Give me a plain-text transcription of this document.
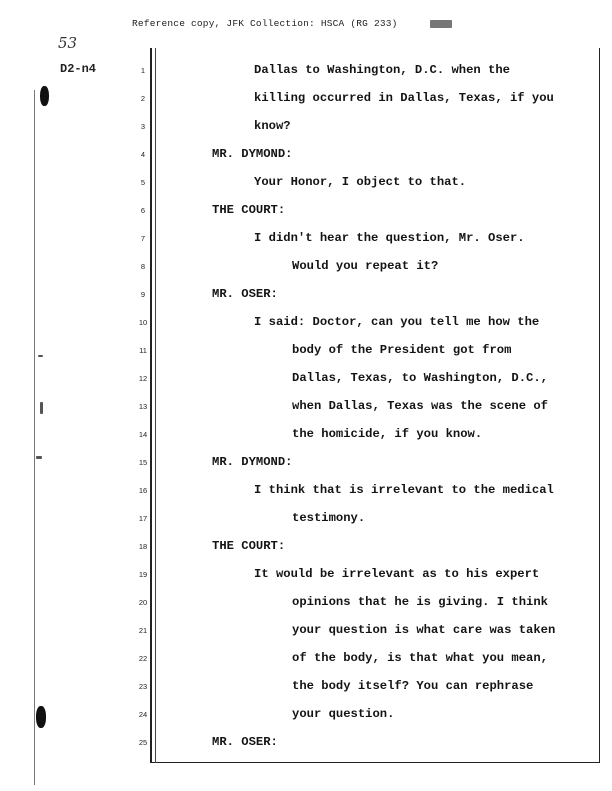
Reference copy, JFK Collection: HSCA (RG 233)
53
D2-n4	1	Dallas to Washington, D.C. when the
2	killing occurred in Dallas, Texas, if you
3	know?
4	MR. DYMOND:
5	Your Honor, I object to that.
6	THE COURT:
7	I didn't hear the question, Mr. Oser.
8	Would you repeat it?
9	MR. OSER:
10	I said: Doctor, can you tell me how the
11	body of the President got from
12	Dallas, Texas, to Washington, D.C.,
13	when Dallas, Texas was the scene of
14	the homicide, if you know.
15	MR. DYMOND:
16	I think that is irrelevant to the medical
17	testimony.
18	THE COURT:
19	It would be irrelevant as to his expert
20	opinions that he is giving. I think
21	your question is what care was taken
22	of the body, is that what you mean,
23	the body itself? You can rephrase
24	your question.
25	MR. OSER:
